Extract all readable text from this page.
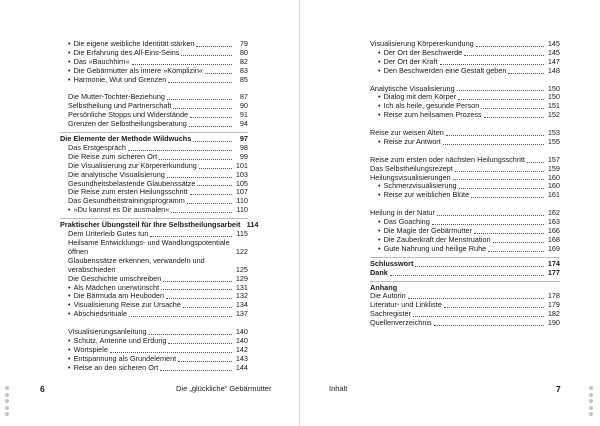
• Die eigene weibliche Identität stärken	79
• Die Erfahrung des All-Eins-Seins	80
• Das »Bauchhirn«	82
• Die Gebärmutter als innere »Komplizin«	83
• Harmonie, Wut und Grenzen	85
Die Mutter-Tochter-Beziehung	87
Selbstheilung und Partnerschaft	90
Persönliche Stopps und Widerstände	91
Grenzen der Selbstheilungsberatung	94
Die Elemente der Methode Wildwuchs	97
Das Erstgespräch	98
Die Reise zum sicheren Ort	99
Die Visualisierung zur Körpererkundung	101
Die analytische Visualisierung	103
Gesundheitsbelastende Glaubenssätze	105
Die Reise zum ersten Heilungsschritt	107
Das Gesundheitstrainingsprogramm	110
• »Du kannst es Dir ausmalen«	110
Praktischer Übungsteil für Ihre Selbstheilungsarbeit 114
Dem Unterleib Gutes tun	115
Heilsame Entwicklungs- und Wandlungspotentiale öffnen	122
Glaubenssätze erkennen, verwandeln und verabschieden	125
Die Geschichte umschreiben	129
• Als Mädchen unerwünscht	131
• Die Bärmuda am Heuboden	132
• Visualisierung Reise zur Ursache	134
• Abschiedsrituale	137
Visualisierungsanleitung	140
• Schutz, Antenne und Erdung	140
• Wortspiele	142
• Entspannung als Grundelement	143
• Reise an den sicheren Ort	144
Visualisierung Körpererkundung	145
• Der Ort der Beschwerde	145
• Der Ort der Kraft	147
• Den Beschwerden eine Gestalt geben	148
Analytische Visualisierung	150
• Dialog mit dem Körper	150
• Ich als heile, gesunde Person	151
• Reise zum heilsamen Prozess	152
Reise zur weisen Alten	153
• Reise zur Antwort	155
Reise zum ersten oder nächsten Heilungsschritt	157
Das Selbstheilungsrezept	159
Heilungsvisualisierungen	160
• Schmerzvisualisierung	160
• Reise zur weiblichen Blüte	161
Heilung in der Natur	162
• Das Goaching	163
• Die Magie der Gebärmutter	166
• Die Zauberkraft der Menstruation	168
• Gute Nahrung und heilige Ruhe	169
Schlusswort	174
Dank	177
Anhang
Die Autorin	178
Literatur- und Linkliste	179
Sachregister	182
Quellenverzeichnis	190
6	Die „glückliche“ Gebärmutter	Inhalt	7
